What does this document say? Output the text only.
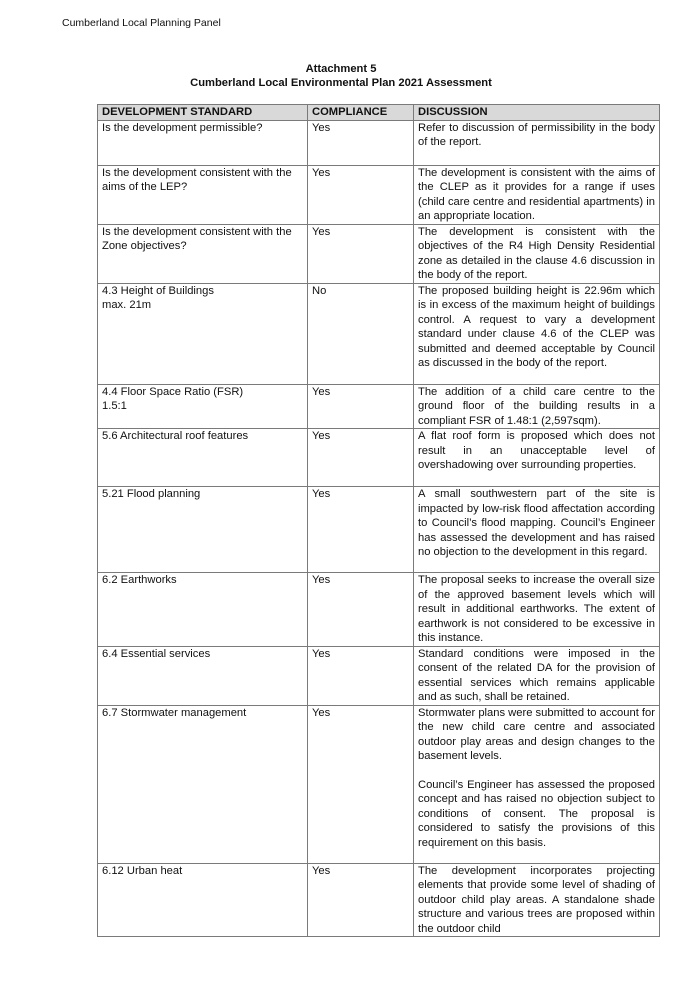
Cumberland Local Planning Panel
Attachment 5
Cumberland Local Environmental Plan 2021 Assessment
DEVELOPMENT STANDARD	COMPLIANCE	DISCUSSION

Is the development permissible?	Yes	Refer to discussion of permissibility in the body of the report.

Is the development consistent with the aims of the LEP?	Yes	The development is consistent with the aims of the CLEP as it provides for a range if uses (child care centre and residential apartments) in an appropriate location.

Is the development consistent with the Zone objectives?	Yes	The development is consistent with the objectives of the R4 High Density Residential zone as detailed in the clause 4.6 discussion in the body of the report.

4.3 Height of Buildings
max. 21m	No	The proposed building height is 22.96m which is in excess of the maximum height of buildings control. A request to vary a development standard under clause 4.6 of the CLEP was submitted and deemed acceptable by Council as discussed in the body of the report.

4.4 Floor Space Ratio (FSR)
1.5:1	Yes	The addition of a child care centre to the ground floor of the building results in a compliant FSR of 1.48:1 (2,597sqm).

5.6 Architectural roof features	Yes	A flat roof form is proposed which does not result in an unacceptable level of overshadowing over surrounding properties.

5.21 Flood planning	Yes	A small southwestern part of the site is impacted by low-risk flood affectation according to Council’s flood mapping. Council’s Engineer has assessed the development and has raised no objection to the development in this regard.

6.2 Earthworks	Yes	The proposal seeks to increase the overall size of the approved basement levels which will result in additional earthworks. The extent of earthwork is not considered to be excessive in this instance.

6.4 Essential services	Yes	Standard conditions were imposed in the consent of the related DA for the provision of essential services which remains applicable and as such, shall be retained.

6.7 Stormwater management	Yes	Stormwater plans were submitted to account for the new child care centre and associated outdoor play areas and design changes to the basement levels.

Council’s Engineer has assessed the proposed concept and has raised no objection subject to conditions of consent. The proposal is considered to satisfy the provisions of this requirement on this basis.

6.12 Urban heat	Yes	The development incorporates projecting elements that provide some level of shading of outdoor child play areas. A standalone shade structure and various trees are proposed within the outdoor child
